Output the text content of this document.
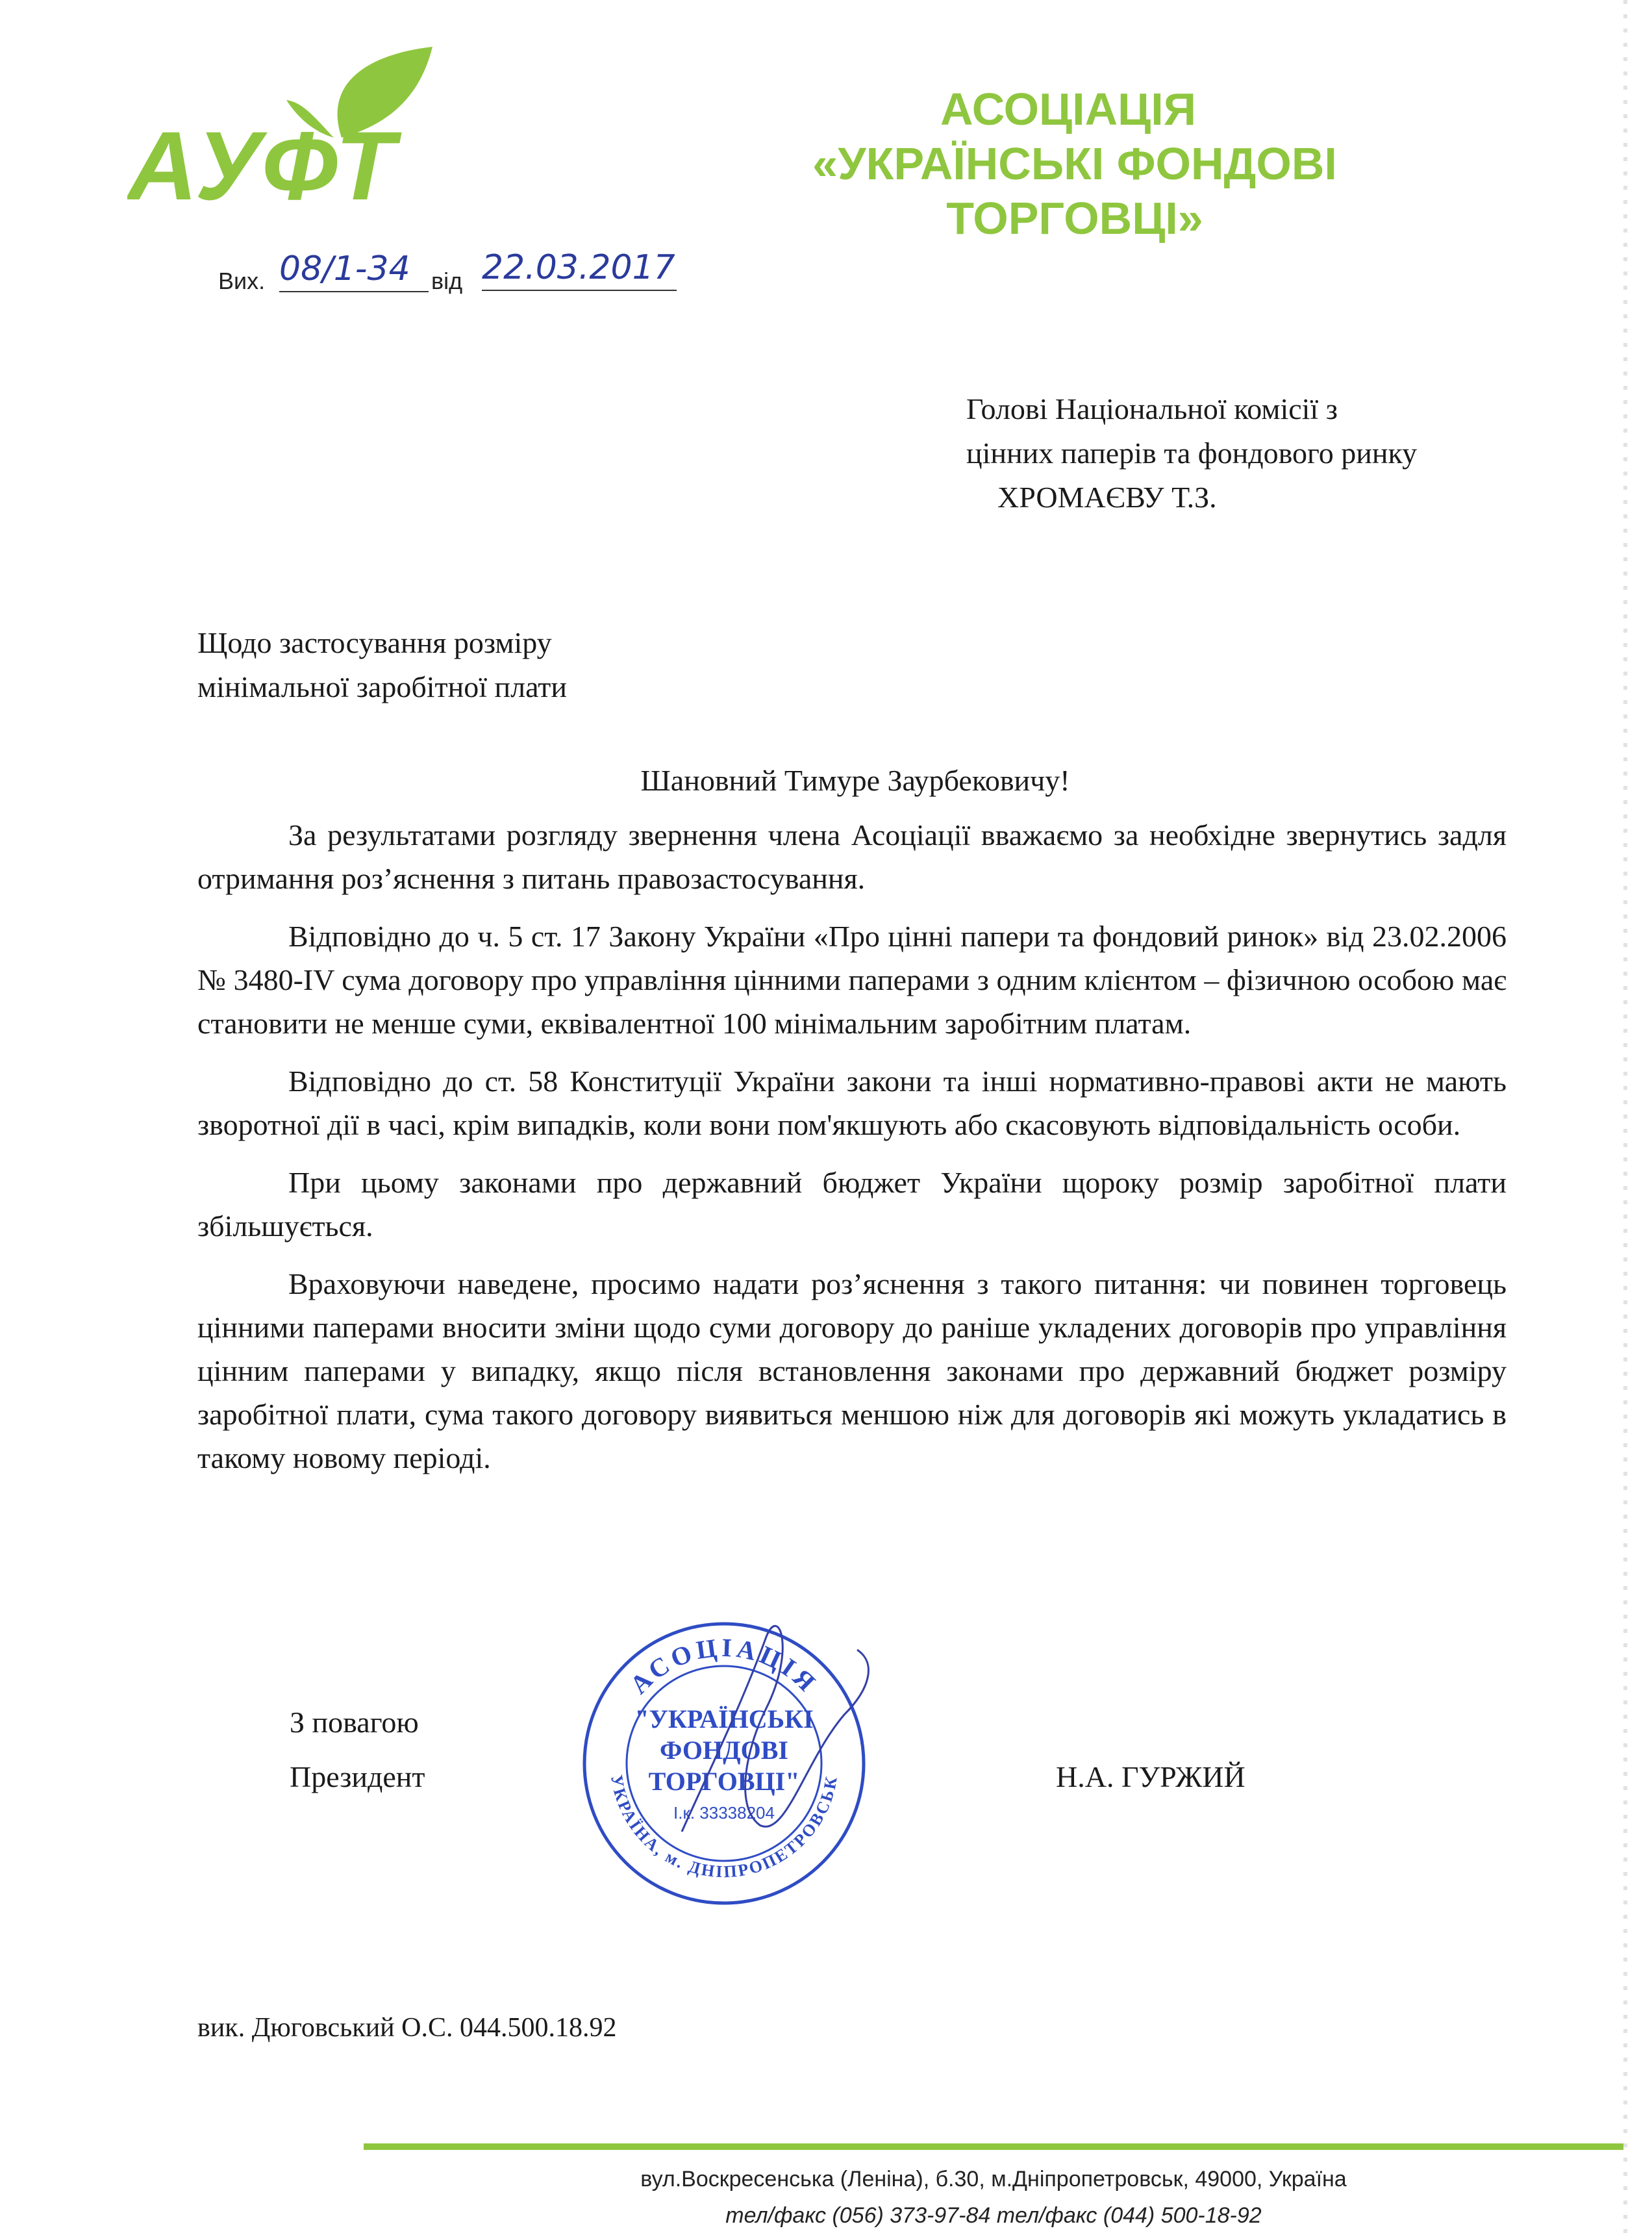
АУФТ
АСОЦІАЦІЯ
«УКРАЇНСЬКІ ФОНДОВІ ТОРГОВЦІ»
Вих. 08/1-34 від 22.03.2017
Голові Національної комісії з
цінних паперів та фондового ринку
ХРОМАЄВУ Т.З.
Щодо застосування розміру
мінімальної заробітної плати
Шановний Тимуре Заурбековичу!

За результатами розгляду звернення члена Асоціації вважаємо за необхідне звернутись задля отримання роз’яснення з питань правозастосування.

Відповідно до ч. 5 ст. 17 Закону України «Про цінні папери та фондовий ринок» від 23.02.2006 № 3480-IV сума договору про управління цінними паперами з одним клієнтом – фізичною особою має становити не менше суми, еквівалентної 100 мінімальним заробітним платам.

Відповідно до ст. 58 Конституції України закони та інші нормативно-правові акти не мають зворотної дії в часі, крім випадків, коли вони пом'якшують або скасовують відповідальність особи.

При цьому законами про державний бюджет України щороку розмір заробітної плати збільшується.

Враховуючи наведене, просимо надати роз’яснення з такого питання: чи повинен торговець цінними паперами вносити зміни щодо суми договору до раніше укладених договорів про управління цінним паперами у випадку, якщо після встановлення законами про державний бюджет розміру заробітної плати, сума такого договору виявиться меншою ніж для договорів які можуть укладатись в такому новому періоді.

З повагою
Президент	Н.А. ГУРЖИЙ
АСОЦІАЦІЯ
УКРАЇНА, м. ДНІПРОПЕТРОВСЬК
"УКРАЇНСЬКІ
ФОНДОВІ
ТОРГОВЦІ"
І.к. 33338204
вик. Дюговський О.С. 044.500.18.92
вул.Воскресенська (Леніна), б.30, м.Дніпропетровськ, 49000, Україна
тел/факс (056) 373-97-84 тел/факс (044) 500-18-92
